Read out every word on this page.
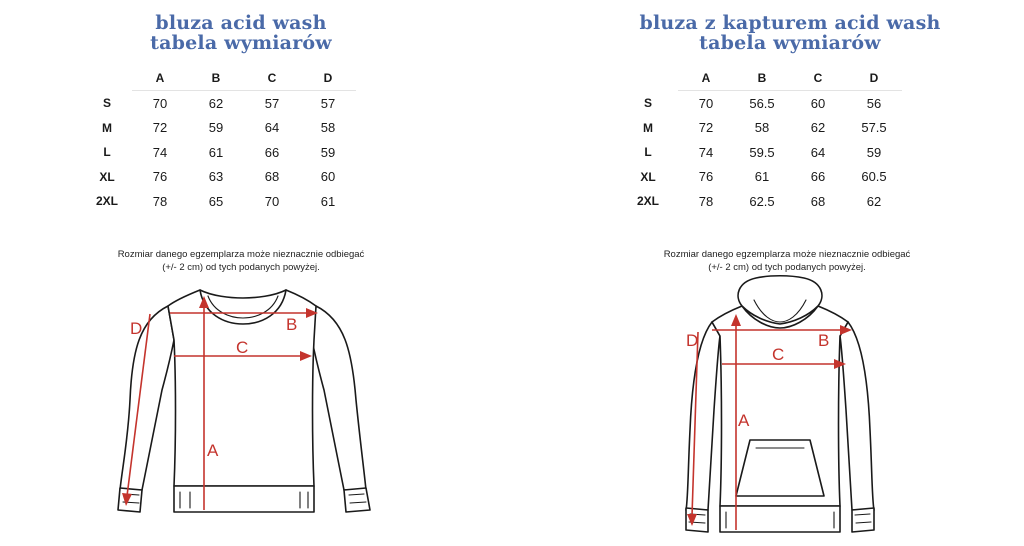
bluza acid wash
tabela wymiarów
	A	B	C	D
S	70	62	57	57
M	72	59	64	58
L	74	61	66	59
XL	76	63	68	60
2XL	78	65	70	61
Rozmiar danego egzemplarza może nieznacznie odbiegać
(+/- 2 cm) od tych podanych powyżej.
B
C
A
D
bluza z kapturem acid wash
tabela wymiarów
	A	B	C	D
S	70	56.5	60	56
M	72	58	62	57.5
L	74	59.5	64	59
XL	76	61	66	60.5
2XL	78	62.5	68	62
Rozmiar danego egzemplarza może nieznacznie odbiegać
(+/- 2 cm) od tych podanych powyżej.
B
C
A
D
